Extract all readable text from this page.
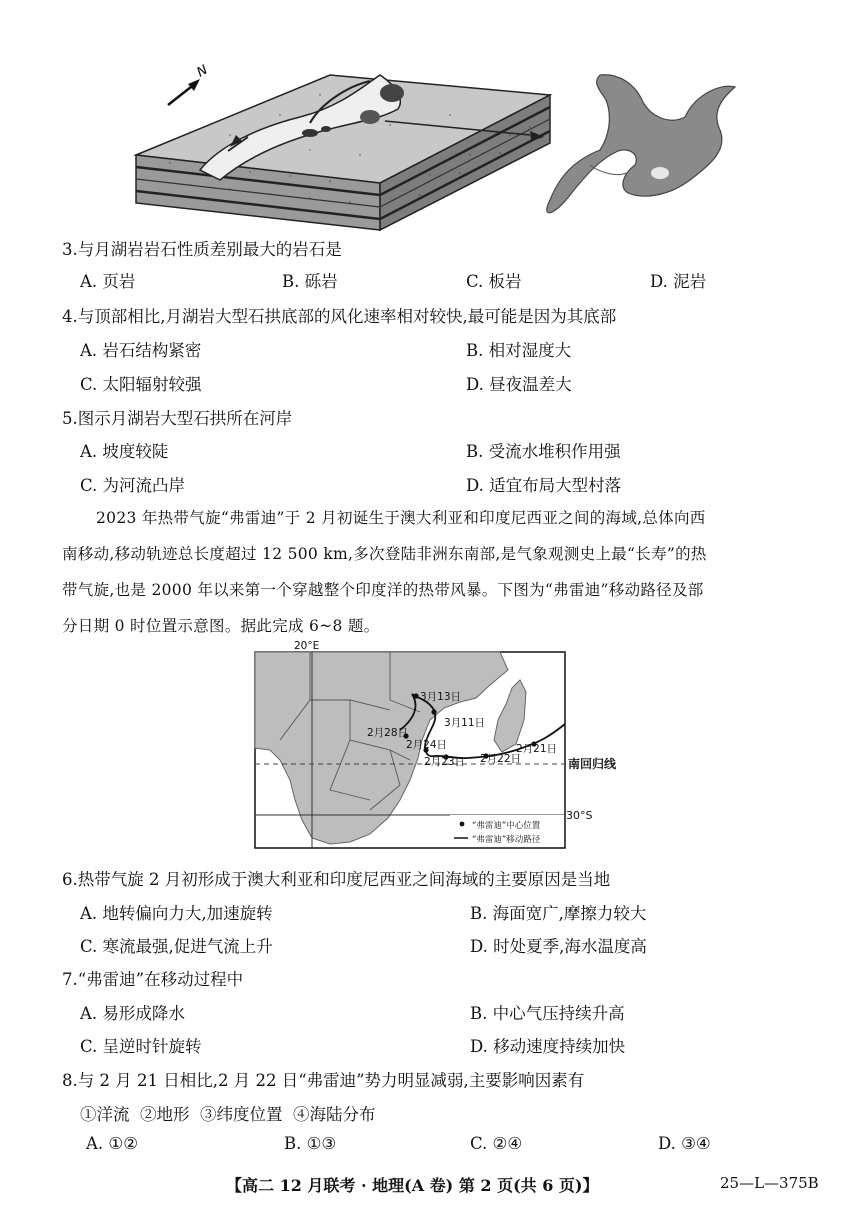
N
3.与月湖岩岩石性质差别最大的岩石是
A. 页岩	B. 砾岩	C. 板岩	D. 泥岩
4.与顶部相比,月湖岩大型石拱底部的风化速率相对较快,最可能是因为其底部
A. 岩石结构紧密	B. 相对湿度大
C. 太阳辐射较强	D. 昼夜温差大
5.图示月湖岩大型石拱所在河岸
A. 坡度较陡	B. 受流水堆积作用强
C. 为河流凸岸	D. 适宜布局大型村落
2023 年热带气旋“弗雷迪”于 2 月初诞生于澳大利亚和印度尼西亚之间的海域,总体向西
南移动,移动轨迹总长度超过 12 500 km,多次登陆非洲东南部,是气象观测史上最“长寿”的热
带气旋,也是 2000 年以来第一个穿越整个印度洋的热带风暴。下图为“弗雷迪”移动路径及部
分日期 0 时位置示意图。据此完成 6~8 题。
3月13日
3月11日
2月28日
2月24日
2月23日 2月22日
2月21日
20°E
南回归线
30°S
“弗雷迪”中心位置
“弗雷迪”移动路径
6.热带气旋 2 月初形成于澳大利亚和印度尼西亚之间海域的主要原因是当地
A. 地转偏向力大,加速旋转	B. 海面宽广,摩擦力较大
C. 寒流最强,促进气流上升	D. 时处夏季,海水温度高
7.“弗雷迪”在移动过程中
A. 易形成降水	B. 中心气压持续升高
C. 呈逆时针旋转	D. 移动速度持续加快
8.与 2 月 21 日相比,2 月 22 日“弗雷迪”势力明显减弱,主要影响因素有
①洋流  ②地形  ③纬度位置  ④海陆分布
A. ①②	B. ①③	C. ②④	D. ③④
【高二 12 月联考 · 地理(A 卷) 第 2 页(共 6 页)】	25—L—375B
